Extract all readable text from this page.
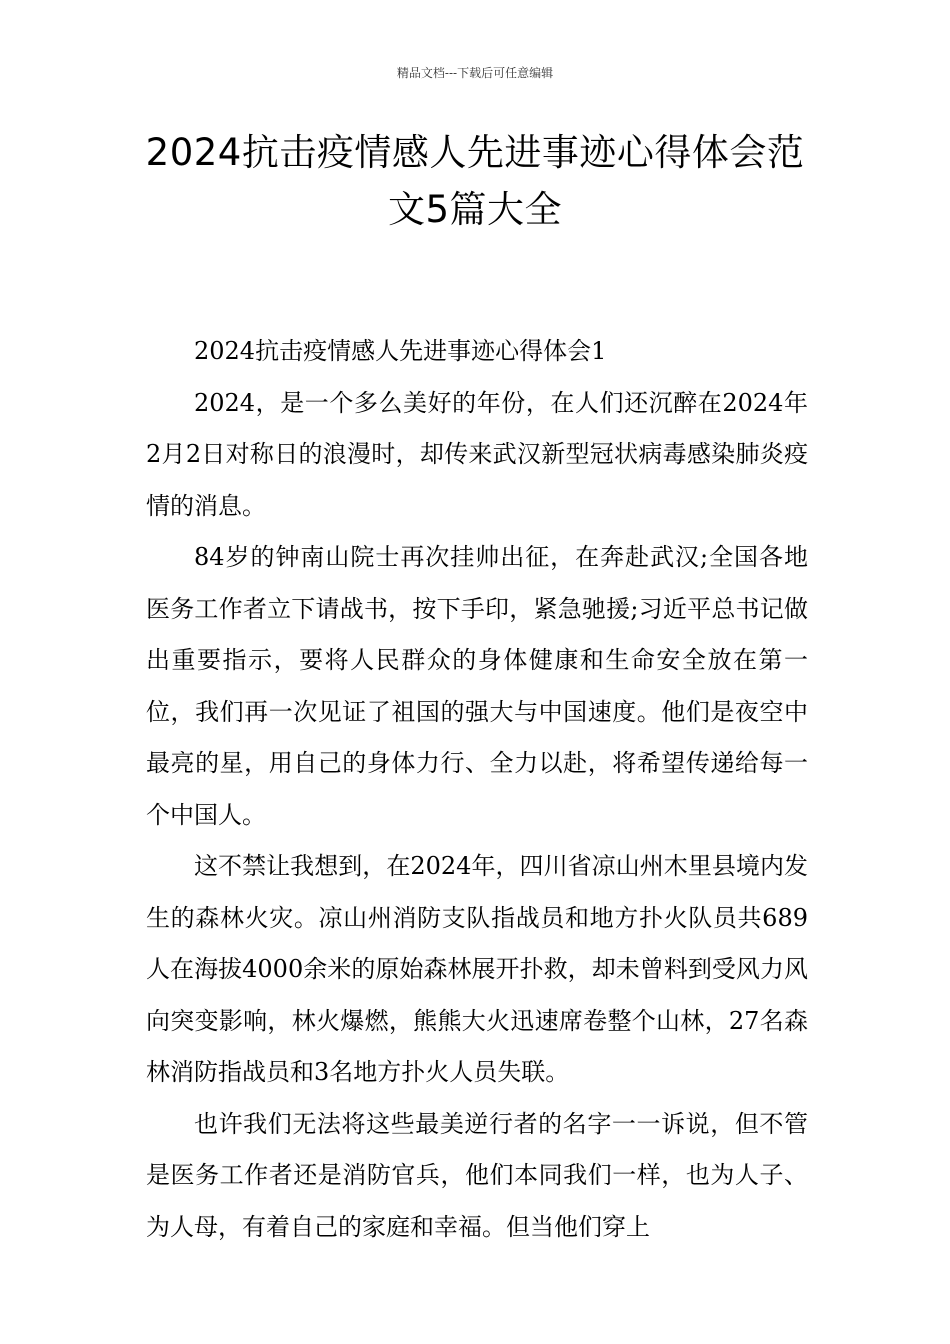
精品文档---下载后可任意编辑
2024抗击疫情感人先进事迹心得体会范文5篇大全

2024抗击疫情感人先进事迹心得体会1

2024，是一个多么美好的年份，在人们还沉醉在2024年2月2日对称日的浪漫时，却传来武汉新型冠状病毒感染肺炎疫情的消息。

84岁的钟南山院士再次挂帅出征，在奔赴武汉;全国各地医务工作者立下请战书，按下手印，紧急驰援;习近平总书记做出重要指示，要将人民群众的身体健康和生命安全放在第一位，我们再一次见证了祖国的强大与中国速度。他们是夜空中最亮的星，用自己的身体力行、全力以赴，将希望传递给每一个中国人。

这不禁让我想到，在2024年，四川省凉山州木里县境内发生的森林火灾。凉山州消防支队指战员和地方扑火队员共689人在海拔4000余米的原始森林展开扑救，却未曾料到受风力风向突变影响，林火爆燃，熊熊大火迅速席卷整个山林，27名森林消防指战员和3名地方扑火人员失联。

也许我们无法将这些最美逆行者的名字一一诉说，但不管是医务工作者还是消防官兵，他们本同我们一样，也为人子、为人母，有着自己的家庭和幸福。但当他们穿上
